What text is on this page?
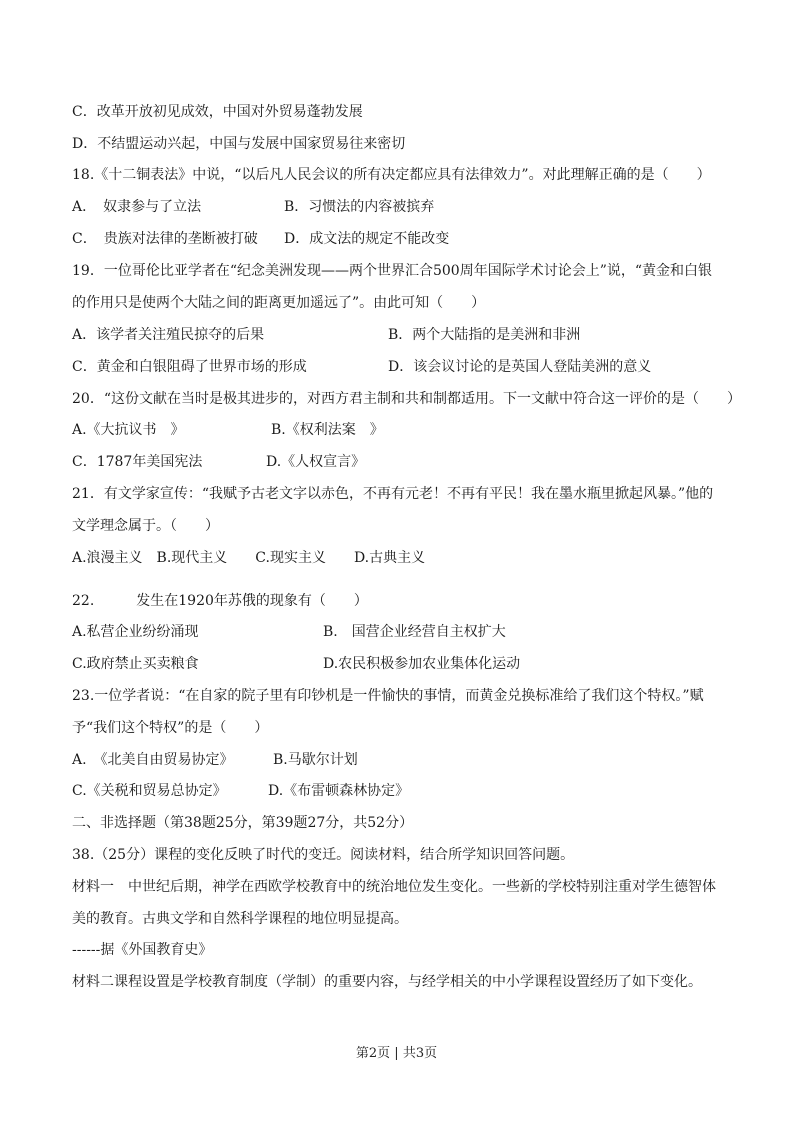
C．改革开放初见成效，中国对外贸易蓬勃发展
D．不结盟运动兴起，中国与发展中国家贸易往来密切
18.《十二铜表法》中说，“以后凡人民会议的所有决定都应具有法律效力”。对此理解正确的是（　　）
A．　奴隶参与了立法	B．习惯法的内容被摈弃
C．　贵族对法律的垄断被打破 D．成文法的规定不能改变
19．一位哥伦比亚学者在“纪念美洲发现——两个世界汇合500周年国际学术讨论会上”说，“黄金和白银
的作用只是使两个大陆之间的距离更加遥远了”。由此可知（　　）
A．该学者关注殖民掠夺的后果	B．两个大陆指的是美洲和非洲
C．黄金和白银阻碍了世界市场的形成	D．该会议讨论的是英国人登陆美洲的意义
20．“这份文献在当时是极其进步的，对西方君主制和共和制都适用。下一文献中符合这一评价的是（　　）
A.《大抗议书　》	B.《权利法案　》
C．1787年美国宪法	D.《人权宣言》
21．有文学家宣传：“我赋予古老文字以赤色，不再有元老！不再有平民！我在墨水瓶里掀起风暴。”他的
文学理念属于。（　　）
A.浪漫主义　B.现代主义　　C.现实主义　　D.古典主义
22.　　　发生在1920年苏俄的现象有（　　）
A.私营企业纷纷涌现	B.　国营企业经营自主权扩大
C.政府禁止买卖粮食	D.农民积极参加农业集体化运动
23.一位学者说：“在自家的院子里有印钞机是一件愉快的事情，而黄金兑换标准给了我们这个特权。”赋
予“我们这个特权”的是（　　）
A.　《北美自由贸易协定》	B.马歇尔计划
C.《关税和贸易总协定》	D.《布雷顿森林协定》
二、非选择题（第38题25分，第39题27分，共52分）
38.（25分）课程的变化反映了时代的变迁。阅读材料，结合所学知识回答问题。
材料一　中世纪后期，神学在西欧学校教育中的统治地位发生变化。一些新的学校特别注重对学生德智体
美的教育。古典文学和自然科学课程的地位明显提高。
------据《外国教育史》
材料二课程设置是学校教育制度（学制）的重要内容，与经学相关的中小学课程设置经历了如下变化。
第2页 | 共3页
